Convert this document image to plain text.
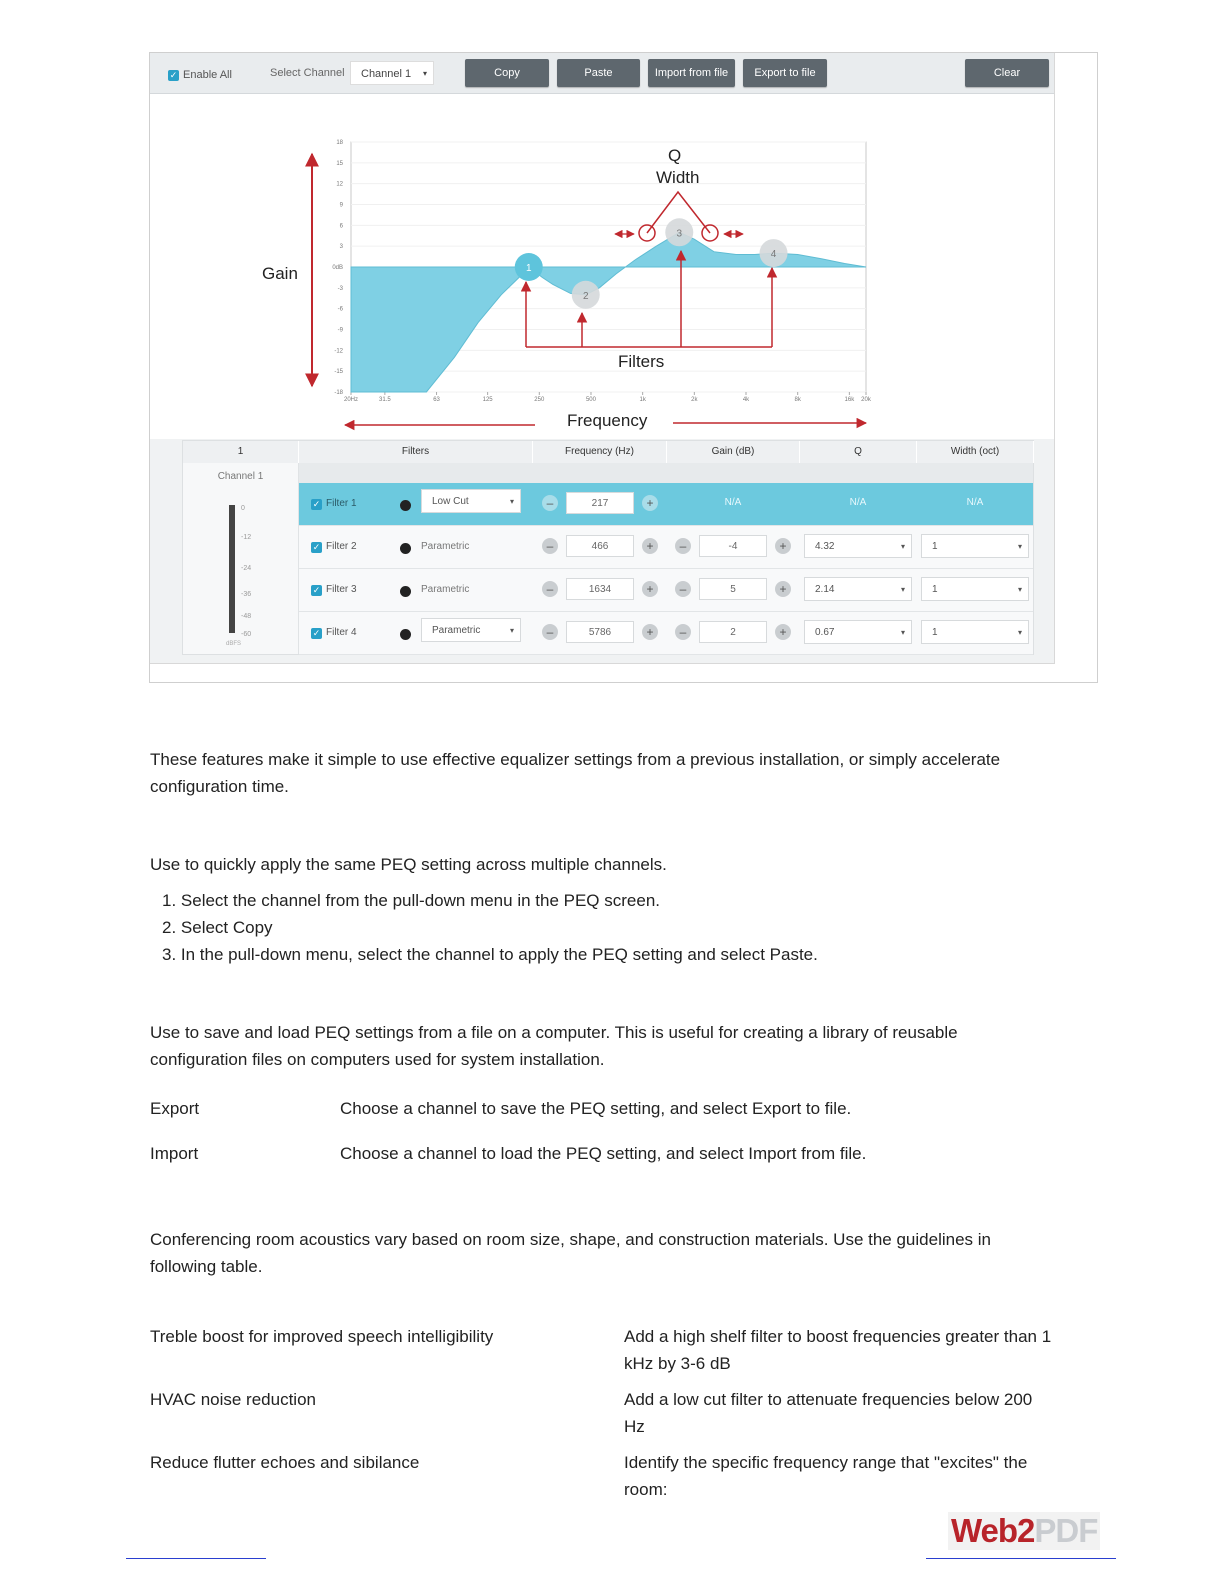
✓ Enable All	Select Channel	Channel 1 ▾	Copy	Paste	Import from file	Export to file	Clear
18
15
12
9
6
3
0dB
-3
-6
-9
-12
-15
-18
20Hz	31.5	63	125	250	500	1k	2k	4k	8k	16k 20k
1
2
3
4
Q
Width
Gain
Filters
Frequency
1	Filters	Frequency (Hz)	Gain (dB)	Q	Width (oct)
Channel 1
0
-12
-24
-36
-48
-60
dBFS
✓ Filter 1	Low Cut	▾	–	217	+	N/A	N/A	N/A
✓ Filter 2	Parametric	–	466	+	–	-4	+	4.32	▾	1	▾
✓ Filter 3	Parametric	–	1634	+	–	5	+	2.14	▾	1	▾
✓ Filter 4	Parametric	▾	–	5786	+	–	2	+	0.67	▾	1	▾
These features make it simple to use effective equalizer settings from a previous installation, or simply accelerate
configuration time.
Use to quickly apply the same PEQ setting across multiple channels.
1. Select the channel from the pull-down menu in the PEQ screen.
2. Select Copy
3. In the pull-down menu, select the channel to apply the PEQ setting and select Paste.
Use to save and load PEQ settings from a file on a computer. This is useful for creating a library of reusable
configuration files on computers used for system installation.
Export	Choose a channel to save the PEQ setting, and select Export to file.
Import	Choose a channel to load the PEQ setting, and select Import from file.
Conferencing room acoustics vary based on room size, shape, and construction materials. Use the guidelines in
following table.
Treble boost for improved speech intelligibility	Add a high shelf filter to boost frequencies greater than 1
kHz by 3-6 dB
HVAC noise reduction	Add a low cut filter to attenuate frequencies below 200
Hz
Reduce flutter echoes and sibilance	Identify the specific frequency range that "excites" the
room:
Web2PDF
